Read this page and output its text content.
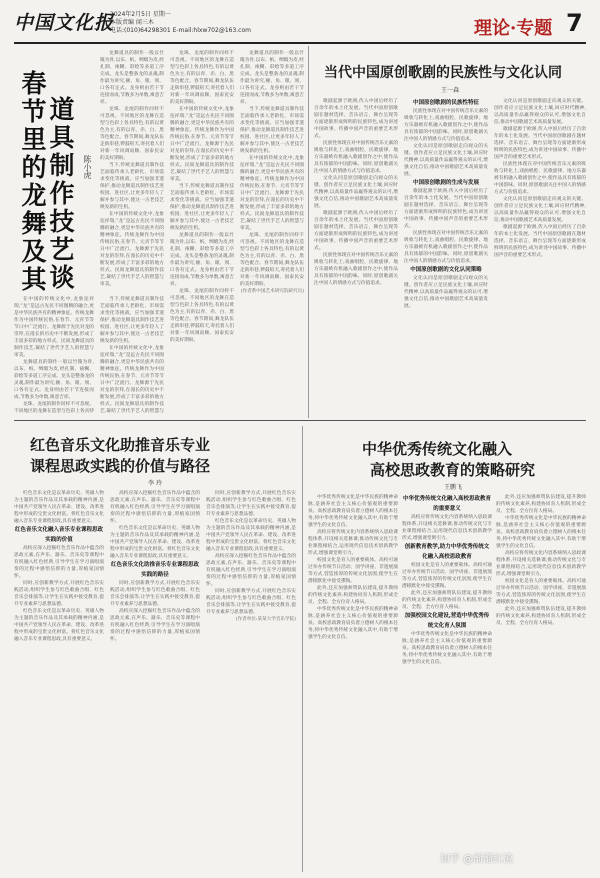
中国文化报
2024年2月5日 星期一
本版责编 闻三木
电话:(010)64298301 E-mail:hlxw702@163.com	理论·专题 7
道具制作技艺谈
春节里的龙舞及其	陈小虎

龙舞道具的制作一般以竹篾为骨,以布、纸、绸缎为皮,经扎制、裱糊、彩绘等多道工序完成。龙头是整条龙的灵魂,制作最为讲究,额、角、眼、须、口各有定式。龙身则由若干节连接而成,节数多为单数,寓意吉祥。

龙珠、龙尾的制作同样不可忽视。不同地区的龙舞在造型与色彩上各具特色,有的以黄色为主,有的以青、赤、白、黑等色配合。春节期间,舞龙队伍走街串巷,锣鼓喧天,寄托着人们对新一年风调雨顺、国泰民安的美好期盼。

当下,传统龙舞道具制作技艺面临传承人老龄化、市场需求变化等挑战。应当加强非遗保护,推动龙舞道具制作技艺进校园、进社区,让更多年轻人了解并参与其中,使这一古老技艺焕发新的生机。

在中国的传统文化中,龙象征祥瑞,“龙”是远古先民不同图腾的融合,更是中华民族共有的精神象征。传统龙舞作为中国传统民俗,在春节、元宵节等节日中广泛流行。龙舞源于先民对龙的崇拜,在漫长的历史中不断发展,形成了丰富多彩的地方样式。民间龙舞道具的制作技艺,凝结了世代手艺人的智慧与审美。

在中国的传统文化中,龙象征祥瑞,“龙”是远古先民不同图腾的融合,更是中华民族共有的精神象征。传统龙舞作为中国传统民俗,在春节、元宵节等节日中广泛流行。龙舞源于先民对龙的崇拜,在漫长的历史中不断发展,形成了丰富多彩的地方样式。民间龙舞道具的制作技艺,凝结了世代手艺人的智慧与审美。

龙舞道具的制作一般以竹篾为骨,以布、纸、绸缎为皮,经扎制、裱糊、彩绘等多道工序完成。龙头是整条龙的灵魂,制作最为讲究,额、角、眼、须、口各有定式。龙身则由若干节连接而成,节数多为单数,寓意吉祥。

龙珠、龙尾的制作同样不可忽视。不同地区的龙舞在造型与色彩上各具特

当下,传统龙舞道具制作技艺面临传承人老龄化、市场需求变化等挑战。应当加强非遗保护,推动龙舞道具制作技艺进校园、进社区,让更多年轻人了解并参与其中,使这一古老技艺焕发新的生机。

在中国的传统文化中,龙象征祥瑞,“龙”是远古先民不同图腾的融合,更是中华民族共有的精神象征。传统龙舞作为中国传统民俗,在春节、元宵节等节日中广泛流行。龙舞源于先民对龙的崇拜,在漫长的历史中不断发展,形成了丰富多彩的地方样式。民间龙舞道具的制作技艺,凝结了世代手艺人的智慧与

龙珠、龙尾的制作同样不可忽视。不同地区的龙舞在造型与色彩上各具特色,有的以黄色为主,有的以青、赤、白、黑等色配合。春节期间,舞龙队伍走街串巷,锣鼓喧天,寄托着人们对新一年风调雨顺、国泰民安的美好期盼。

在中国的传统文化中,龙象征祥瑞,“龙”是远古先民不同图腾的融合,更是中华民族共有的精神象征。传统龙舞作为中国传统民俗,在春节、元宵节等节日中广泛流行。龙舞源于先民对龙的崇拜,在漫长的历史中不断发展,形成了丰富多彩的地方样式。民间龙舞道具的制作技艺,凝结了世代手艺人的智慧与审美。

当下,传统龙舞道具制作技艺面临传承人老龄化、市场需求变化等挑战。应当加强非遗保护,推动龙舞道具制作技艺进校园、进社区,让更多年轻人了解并参与其中,使这一古老技艺焕发新的生机。

龙舞道具的制作一般以竹篾为骨,以布、纸、绸缎为皮,经扎制、裱糊、彩绘等多道工序完成。龙头是整条龙的灵魂,制作最为讲究,额、角、眼、须、口各有定式。龙身则由若干节连接而成,节数多为单数,寓意吉祥。

龙珠、龙尾的制作同样不可忽视。不同地区的龙舞在造型与色彩上各具特色,有的以黄色为主,有的以青、赤、白、黑等色配合。春节期间,舞龙队伍走街串巷,锣鼓喧天,寄托着人们对新一年风调雨顺、国泰民安的美好期盼。

龙舞道具的制作一般以竹篾为骨,以布、纸、绸缎为皮,经扎制、裱糊、彩绘等多道工序完成。龙头是整条龙的灵魂,制作最为讲究,额、角、眼、须、口各有定式。龙身则由若干节连接而成,节数多为单数,寓意吉祥。

当下,传统龙舞道具制作技艺面临传承人老龄化、市场需求变化等挑战。应当加强非遗保护,推动龙舞道具制作技艺进校园、进社区,让更多年轻人了解并参与其中,使这一古老技艺焕发新的生机。

在中国的传统文化中,龙象征祥瑞,“龙”是远古先民不同图腾的融合,更是中华民族共有的精神象征。传统龙舞作为中国传统民俗,在春节、元宵节等节日中广泛流行。龙舞源于先民对龙的崇拜,在漫长的历史中不断发展,形成了丰富多彩的地方样式。民间龙舞道具的制作技艺,凝结了世代手艺人的智慧与审美。

龙珠、龙尾的制作同样不可忽视。不同地区的龙舞在造型与色彩上各具特色,有的以黄色为主,有的以青、赤、白、黑等色配合。春节期间,舞龙队伍走街串巷,锣鼓喧天,寄托着人们对新一年风调雨顺、国泰民安的美好期盼。

(作者系中国艺术研究院研究员)
当代中国原创歌剧的民族性与文化认同
王一森

歌剧起源于欧洲,传入中国后经历了百余年的本土化发展。当代中国原创歌剧在题材选择、音乐语言、舞台呈现等方面逐渐形成鲜明的民族特色,成为讲述中国故事、传播中国声音的重要艺术形式。

民族性体现在对中国传统音乐元素的吸收与转化上,戏曲唱腔、民歌旋律、地方乐器被有机融入歌剧创作之中,使作品具有浓郁的中国韵味。同时,原创歌剧关注中国人的情感方式与价值追求。

文化认同是原创歌剧走向观众的关键。创作者应立足民族文化土壤,回应时代精神,以高质量作品赢得观众的认可,增强文化自信,推动中国歌剧艺术高质量发展。

歌剧起源于欧洲,传入中国后经历了百余年的本土化发展。当代中国原创歌剧在题材选择、音乐语言、舞台呈现等方面逐渐形成鲜明的民族特色,成为讲述中国故事、传播中国声音的重要艺术形式。

民族性体现在对中国传统音乐元素的吸收与转化上,戏曲唱腔、民歌旋律、地方乐器被有机融入歌剧创作之中,使作品具有浓郁的中国韵味。同时,原创歌剧关注中国人的情感方式与价值追求。

中国原创歌剧的民族性特征

民族性体现在对中国传统音乐元素的吸收与转化上,戏曲唱腔、民歌旋律、地方乐器被有机融入歌剧创作之中,使作品具有浓郁的中国韵味。同时,原创歌剧关注中国人的情感方式与价值追求。

文化认同是原创歌剧走向观众的关键。创作者应立足民族文化土壤,回应时代精神,以高质量作品赢得观众的认可,增强文化自信,推动中国歌剧艺术高质量发展。

中国原创歌剧的生成与发展

歌剧起源于欧洲,传入中国后经历了百余年的本土化发展。当代中国原创歌剧在题材选择、音乐语言、舞台呈现等方面逐渐形成鲜明的民族特色,成为讲述中国故事、传播中国声音的重要艺术形式。

民族性体现在对中国传统音乐元素的吸收与转化上,戏曲唱腔、民歌旋律、地方乐器被有机融入歌剧创作之中,使作品具有浓郁的中国韵味。同时,原创歌剧关注中国人的情感方式与价值追求。

中国原创歌剧的文化认同策略

文化认同是原创歌剧走向观众的关键。创作者应立足民族文化土壤,回应时代精神,以高质量作品赢得观众的认可,增强文化自信,推动中国歌剧艺术高质量发展。

文化认同是原创歌剧走向观众的关键。创作者应立足民族文化土壤,回应时代精神,以高质量作品赢得观众的认可,增强文化自信,推动中国歌剧艺术高质量发展。

歌剧起源于欧洲,传入中国后经历了百余年的本土化发展。当代中国原创歌剧在题材选择、音乐语言、舞台呈现等方面逐渐形成鲜明的民族特色,成为讲述中国故事、传播中国声音的重要艺术形式。

民族性体现在对中国传统音乐元素的吸收与转化上,戏曲唱腔、民歌旋律、地方乐器被有机融入歌剧创作之中,使作品具有浓郁的中国韵味。同时,原创歌剧关注中国人的情感方式与价值追求。

文化认同是原创歌剧走向观众的关键。创作者应立足民族文化土壤,回应时代精神,以高质量作品赢得观众的认可,增强文化自信,推动中国歌剧艺术高质量发展。

歌剧起源于欧洲,传入中国后经历了百余年的本土化发展。当代中国原创歌剧在题材选择、音乐语言、舞台呈现等方面逐渐形成鲜明的民族特色,成为讲述中国故事、传播中国声音的重要艺术形式。

红色音乐文化助推音乐专业
课程思政实践的价值与路径
李 玲

红色音乐文化是以革命历史、英雄人物为主题的音乐作品及其承载的精神内涵,是中国共产党领导人民在革命、建设、改革进程中形成的宝贵文化财富。将红色音乐文化融入音乐专业课程思政,具有重要意义。

红色音乐文化融入音乐专业课程思政实践的价值

高校应深入挖掘红色音乐作品中蕴含的思政元素,在声乐、器乐、音乐史等课程中有机融入红色经典,引导学生在学习演唱演奏的过程中感悟信仰的力量,厚植家国情怀。

同时,应创新教学方式,开展红色音乐实践活动,组织学生参与红色歌曲合唱、红色音乐会排演等,让学生在实践中接受教育,提升专业素养与思想品德。

红色音乐文化是以革命历史、英雄人物为主题的音乐作品及其承载的精神内涵,是中国共产党领导人民在革命、建设、改革进程中形成的宝贵文化财富。将红色音乐文化融入音乐专业课程思政,具有重要意义。

高校应深入挖掘红色音乐作品中蕴含的思政元素,在声乐、器乐、音乐史等课程中有机融入红色经典,引导学生在学习演唱演奏的过程中感悟信仰的力量,厚植家国情怀。

红色音乐文化是以革命历史、英雄人物为主题的音乐作品及其承载的精神内涵,是中国共产党领导人民在革命、建设、改革进程中形成的宝贵文化财富。将红色音乐文化融入音乐专业课程思政,具有重要意义。

红色音乐文化助推音乐专业课程思政实践的路径

同时,应创新教学方式,开展红色音乐实践活动,组织学生参与红色歌曲合唱、红色音乐会排演等,让学生在实践中接受教育,提升专业素养与思想品德。

高校应深入挖掘红色音乐作品中蕴含的思政元素,在声乐、器乐、音乐史等课程中有机融入红色经典,引导学生在学习演唱演奏的过程中感悟信仰的力量,厚植家国情怀。

同时,应创新教学方式,开展红色音乐实践活动,组织学生参与红色歌曲合唱、红色音乐会排演等,让学生在实践中接受教育,提升专业素养与思想品德。

红色音乐文化是以革命历史、英雄人物为主题的音乐作品及其承载的精神内涵,是中国共产党领导人民在革命、建设、改革进程中形成的宝贵文化财富。将红色音乐文化融入音乐专业课程思政,具有重要意义。

高校应深入挖掘红色音乐作品中蕴含的思政元素,在声乐、器乐、音乐史等课程中有机融入红色经典,引导学生在学习演唱演奏的过程中感悟信仰的力量,厚植家国情怀。

同时,应创新教学方式,开展红色音乐实践活动,组织学生参与红色歌曲合唱、红色音乐会排演等,让学生在实践中接受教育,提升专业素养与思想品德。

(作者单位:某某大学音乐学院)
中华优秀传统文化融入
高校思政教育的策略研究
王鹏飞

中华优秀传统文化是中华民族的精神命脉,是涵养社会主义核心价值观的重要源泉。高校思政教育肩负着立德树人的根本任务,将中华优秀传统文化融入其中,有助于增强学生的文化自信。

高校应将传统文化内容系统纳入思政课程体系,开设相关选修课,推动传统文化与专业课程相结合,运用现代信息技术创新教学形式,增强课堂吸引力。

校园文化是育人的重要载体。高校可通过举办传统节日活动、国学讲座、非遗展演等方式,营造浓厚的传统文化氛围,使学生在潜移默化中接受熏陶。

此外,还应加强师资队伍建设,提升教师的传统文化素养,构建协同育人机制,形成全员、全程、全方位育人格局。

中华优秀传统文化是中华民族的精神命脉,是涵养社会主义核心价值观的重要源泉。高校思政教育肩负着立德树人的根本任务,将中华优秀传统文化融入其中,有助于增强学生的文化自信。

中华优秀传统文化融入高校思政教育的重要意义

高校应将传统文化内容系统纳入思政课程体系,开设相关选修课,推动传统文化与专业课程相结合,运用现代信息技术创新教学形式,增强课堂吸引力。

创新教育教学,助力中华优秀传统文化融入高校思政教育

校园文化是育人的重要载体。高校可通过举办传统节日活动、国学讲座、非遗展演等方式,营造浓厚的传统文化氛围,使学生在潜移默化中接受熏陶。

此外,还应加强师资队伍建设,提升教师的传统文化素养,构建协同育人机制,形成全员、全程、全方位育人格局。

加强校园文化建设,营造中华优秀传统文化育人氛围

中华优秀传统文化是中华民族的精神命脉,是涵养社会主义核心价值观的重要源泉。高校思政教育肩负着立德树人的根本任务,将中华优秀传统文化融入其中,有助于增强学生的文化自信。

此外,还应加强师资队伍建设,提升教师的传统文化素养,构建协同育人机制,形成全员、全程、全方位育人格局。

中华优秀传统文化是中华民族的精神命脉,是涵养社会主义核心价值观的重要源泉。高校思政教育肩负着立德树人的根本任务,将中华优秀传统文化融入其中,有助于增强学生的文化自信。

高校应将传统文化内容系统纳入思政课程体系,开设相关选修课,推动传统文化与专业课程相结合,运用现代信息技术创新教学形式,增强课堂吸引力。

校园文化是育人的重要载体。高校可通过举办传统节日活动、国学讲座、非遗展演等方式,营造浓厚的传统文化氛围,使学生在潜移默化中接受熏陶。

此外,还应加强师资队伍建设,提升教师的传统文化素养,构建协同育人机制,形成全员、全程、全方位育人格局。

知乎 @渐渐红流
